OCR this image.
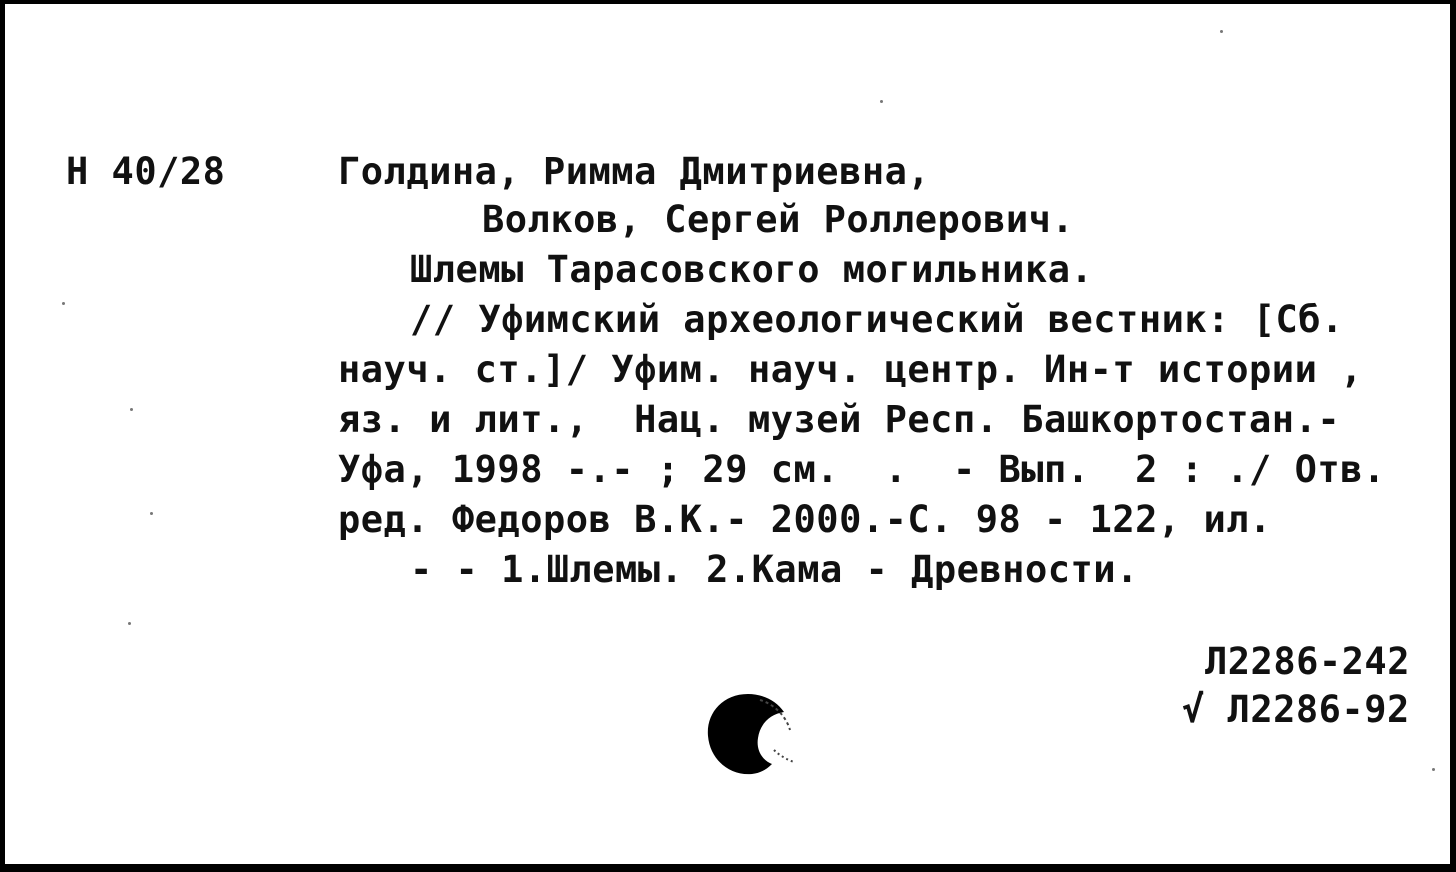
Н 40/28	Голдина, Римма Дмитриевна,
Волков, Сергей Роллерович.
Шлемы Тарасовского могильника.
// Уфимский археологический вестник: [Сб.
науч. ст.]/ Уфим. науч. центр. Ин-т истории ,
яз. и лит.,  Нац. музей Респ. Башкортостан.-
Уфа, 1998 -.- ; 29 см.  .  - Вып.  2 : ./ Отв.
ред. Федоров В.К.- 2000.-С. 98 - 122, ил.
- - 1.Шлемы. 2.Кама - Древности.
Л2286-242
√ Л2286-92
